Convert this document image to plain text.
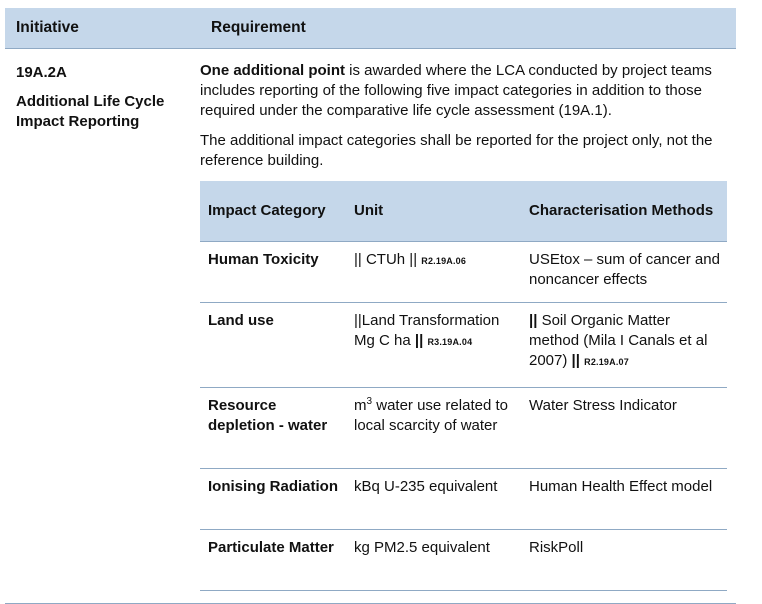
Initiative	Requirement
19A.2A
Additional Life Cycle Impact Reporting

One additional point is awarded where the LCA conducted by project teams includes reporting of the following five impact categories in addition to those required under the comparative life cycle assessment (19A.1).

The additional impact categories shall be reported for the project only, not the reference building.

Impact Category	Unit	Characterisation Methods
Human Toxicity	|| CTUh || R2.19A.06	USEtox – sum of cancer and noncancer effects
Land use	||Land Transformation Mg C ha || R3.19A.04	|| Soil Organic Matter method (Mila I Canals et al 2007) || R2.19A.07
Resource depletion - water	$m^3$ water use related to local scarcity of water	Water Stress Indicator
Ionising Radiation	kBq U-235 equivalent	Human Health Effect model
Particulate Matter	kg PM2.5 equivalent	RiskPoll
